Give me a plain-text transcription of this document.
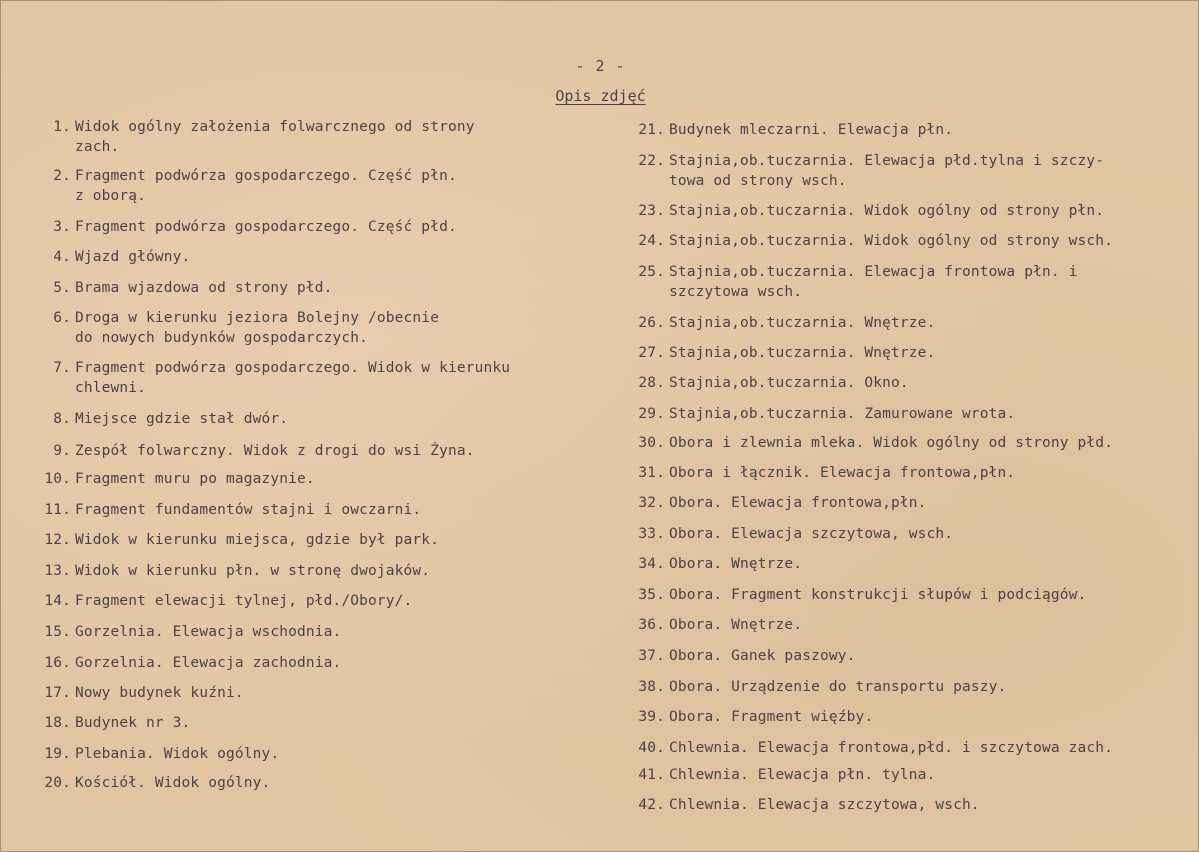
- 2 -
Opis zdjęć
1. Widok ogólny założenia folwarcznego od strony
zach.
2. Fragment podwórza gospodarczego. Część płn.
z oborą.
3. Fragment podwórza gospodarczego. Część płd.
4. Wjazd główny.
5. Brama wjazdowa od strony płd.
6. Droga w kierunku jeziora Bolejny /obecnie
do nowych budynków gospodarczych.
7. Fragment podwórza gospodarczego. Widok w kierunku
chlewni.
8. Miejsce gdzie stał dwór.
9. Zespół folwarczny. Widok z drogi do wsi Żyna.
10. Fragment muru po magazynie.
11. Fragment fundamentów stajni i owczarni.
12. Widok w kierunku miejsca, gdzie był park.
13. Widok w kierunku płn. w stronę dwojaków.
14. Fragment elewacji tylnej, płd./Obory/.
15. Gorzelnia. Elewacja wschodnia.
16. Gorzelnia. Elewacja zachodnia.
17. Nowy budynek kuźni.
18. Budynek nr 3.
19. Plebania. Widok ogólny.
20. Kościół. Widok ogólny.
21. Budynek mleczarni. Elewacja płn.
22. Stajnia,ob.tuczarnia. Elewacja płd.tylna i szczy-
towa od strony wsch.
23. Stajnia,ob.tuczarnia. Widok ogólny od strony płn.
24. Stajnia,ob.tuczarnia. Widok ogólny od strony wsch.
25. Stajnia,ob.tuczarnia. Elewacja frontowa płn. i
szczytowa wsch.
26. Stajnia,ob.tuczarnia. Wnętrze.
27. Stajnia,ob.tuczarnia. Wnętrze.
28. Stajnia,ob.tuczarnia. Okno.
29. Stajnia,ob.tuczarnia. Zamurowane wrota.
30. Obora i zlewnia mleka. Widok ogólny od strony płd.
31. Obora i łącznik. Elewacja frontowa,płn.
32. Obora. Elewacja frontowa,płn.
33. Obora. Elewacja szczytowa, wsch.
34. Obora. Wnętrze.
35. Obora. Fragment konstrukcji słupów i podciągów.
36. Obora. Wnętrze.
37. Obora. Ganek paszowy.
38. Obora. Urządzenie do transportu paszy.
39. Obora. Fragment więźby.
40. Chlewnia. Elewacja frontowa,płd. i szczytowa zach.
41. Chlewnia. Elewacja płn. tylna.
42. Chlewnia. Elewacja szczytowa, wsch.
